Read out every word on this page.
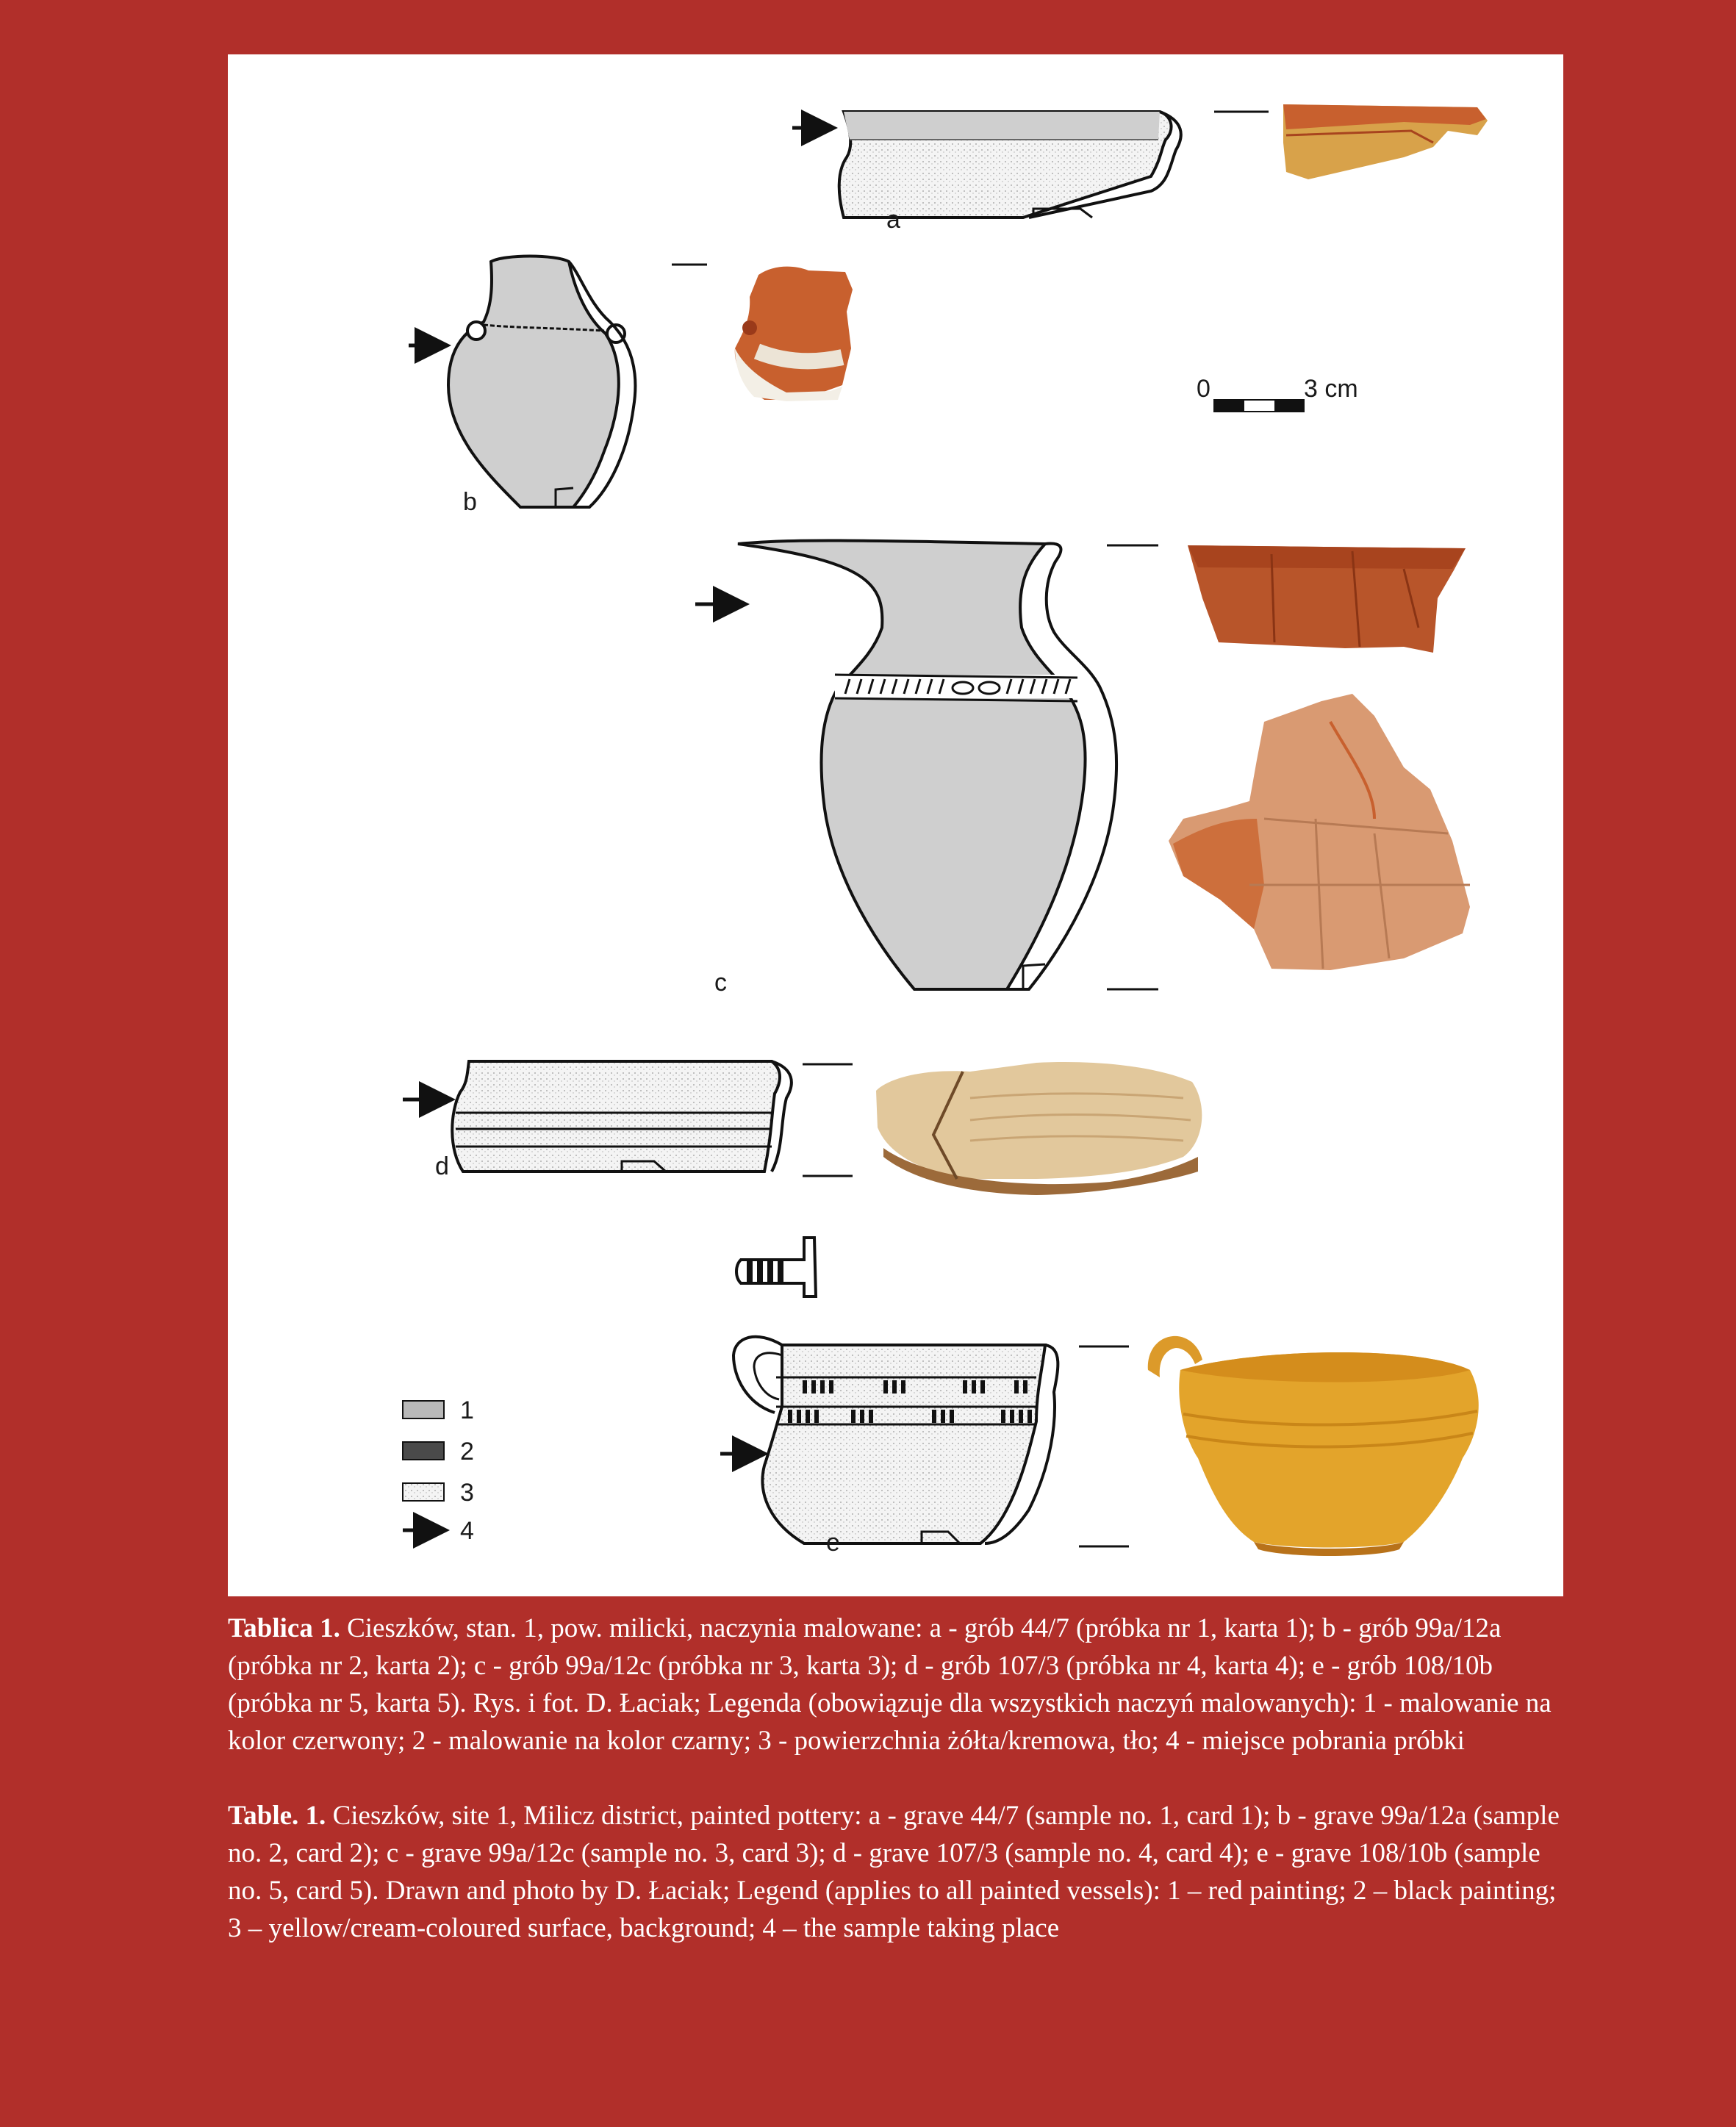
a
b
0	3 cm
c
d
e
1
2
3
4

Tablica 1. Cieszków, stan. 1, pow. milicki, naczynia malowane: a - grób 44/7 (próbka nr 1, karta 1); b - grób 99a/12a (próbka nr 2, karta 2); c - grób 99a/12c (próbka nr 3, karta 3); d - grób 107/3 (próbka nr 4, karta 4); e - grób 108/10b (próbka nr 5, karta 5). Rys. i fot. D. Łaciak; Legenda (obowiązuje dla wszystkich naczyń malowanych): 1 - malowanie na kolor czerwony; 2 - malowanie na kolor czarny; 3 - powierzchnia żółta/kremowa, tło; 4 - miejsce pobrania próbki

Table. 1. Cieszków, site 1, Milicz district, painted pottery: a - grave 44/7 (sample no. 1, card 1); b - grave 99a/12a (sample no. 2, card 2); c - grave 99a/12c (sample no. 3, card 3); d - grave 107/3 (sample no. 4, card 4); e - grave 108/10b (sample no. 5, card 5). Drawn and photo by D. Łaciak; Legend (applies to all painted vessels): 1 – red painting; 2 – black painting; 3 – yellow/cream-coloured surface, background; 4 – the sample taking place
